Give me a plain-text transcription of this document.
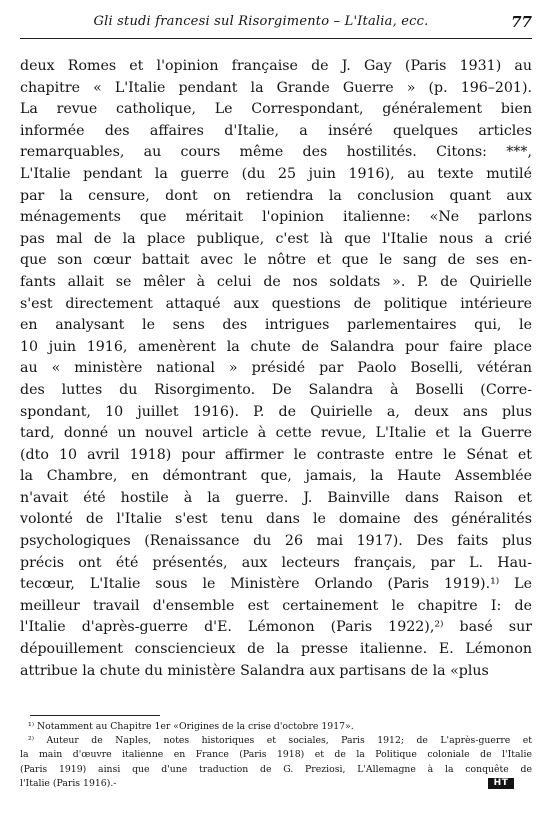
Gli studi francesi sul Risorgimento – L'Italia, ecc.	77
deux Romes et l'opinion française de J. Gay (Paris 1931) au
chapitre « L'Italie pendant la Grande Guerre » (p. 196–201).
La revue catholique, Le Correspondant, généralement bien
informée des affaires d'Italie, a inséré quelques articles
remarquables, au cours même des hostilités. Citons: ***,
L'Italie pendant la guerre (du 25 juin 1916), au texte mutilé
par la censure, dont on retiendra la conclusion quant aux
ménagements que méritait l'opinion italienne: «Ne parlons
pas mal de la place publique, c'est là que l'Italie nous a crié
que son cœur battait avec le nôtre et que le sang de ses en-
fants allait se mêler à celui de nos soldats ». P. de Quirielle
s'est directement attaqué aux questions de politique intérieure
en analysant le sens des intrigues parlementaires qui, le
10 juin 1916, amenèrent la chute de Salandra pour faire place
au « ministère national » présidé par Paolo Boselli, vétéran
des luttes du Risorgimento. De Salandra à Boselli (Corre-
spondant, 10 juillet 1916). P. de Quirielle a, deux ans plus
tard, donné un nouvel article à cette revue, L'Italie et la Guerre
(dto 10 avril 1918) pour affirmer le contraste entre le Sénat et
la Chambre, en démontrant que, jamais, la Haute Assemblée
n'avait été hostile à la guerre. J. Bainville dans Raison et
volonté de l'Italie s'est tenu dans le domaine des généralités
psychologiques (Renaissance du 26 mai 1917). Des faits plus
précis ont été présentés, aux lecteurs français, par L. Hau-
tecœur, L'Italie sous le Ministère Orlando (Paris 1919).¹⁾ Le
meilleur travail d'ensemble est certainement le chapitre I: de
l'Italie d'après-guerre d'E. Lémonon (Paris 1922),²⁾ basé sur
dépouillement consciencieux de la presse italienne. E. Lémonon
attribue la chute du ministère Salandra aux partisans de la «plus
¹⁾ Notamment au Chapitre 1er «Origines de la crise d'octobre 1917».
²⁾ Auteur de Naples, notes historiques et sociales, Paris 1912; de L'après-guerre et
la main d'œuvre italienne en France (Paris 1918) et de la Politique coloniale de l'Italie
(Paris 1919) ainsi que d'une traduction de G. Preziosi, L'Allemagne à la conquête de
l'Italie (Paris 1916).-	HT
